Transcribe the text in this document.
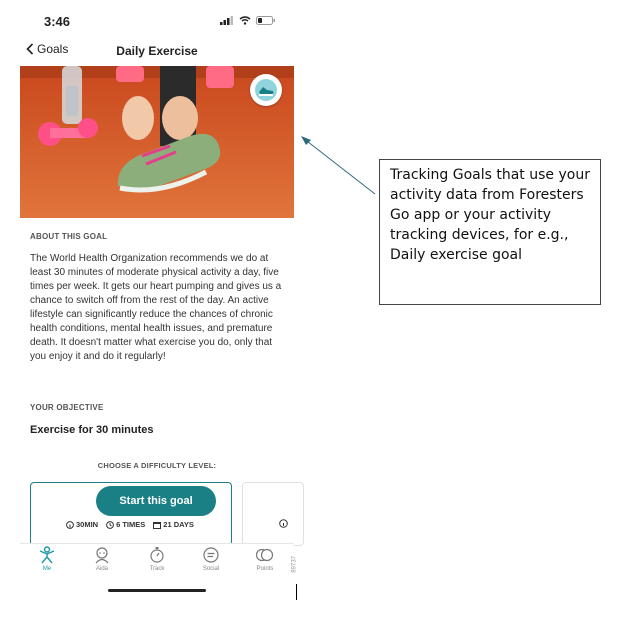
3:46
Goals	Daily Exercise
ABOUT THIS GOAL
The World Health Organization recommends we do at least 30 minutes of moderate physical activity a day, five times per week. It gets our heart pumping and gives us a chance to switch off from the rest of the day. An active lifestyle can significantly reduce the chances of chronic health conditions, mental health issues, and premature death. It doesn't matter what exercise you do, only that you enjoy it and do it regularly!
YOUR OBJECTIVE
Exercise for 30 minutes
CHOOSE A DIFFICULTY LEVEL:
Start this goal
30MIN 6 TIMES 21 DAYS
Me	Aida	Track	Social	Points	89737
Tracking Goals that use your activity data from Foresters Go app or your activity tracking devices, for e.g., Daily exercise goal
